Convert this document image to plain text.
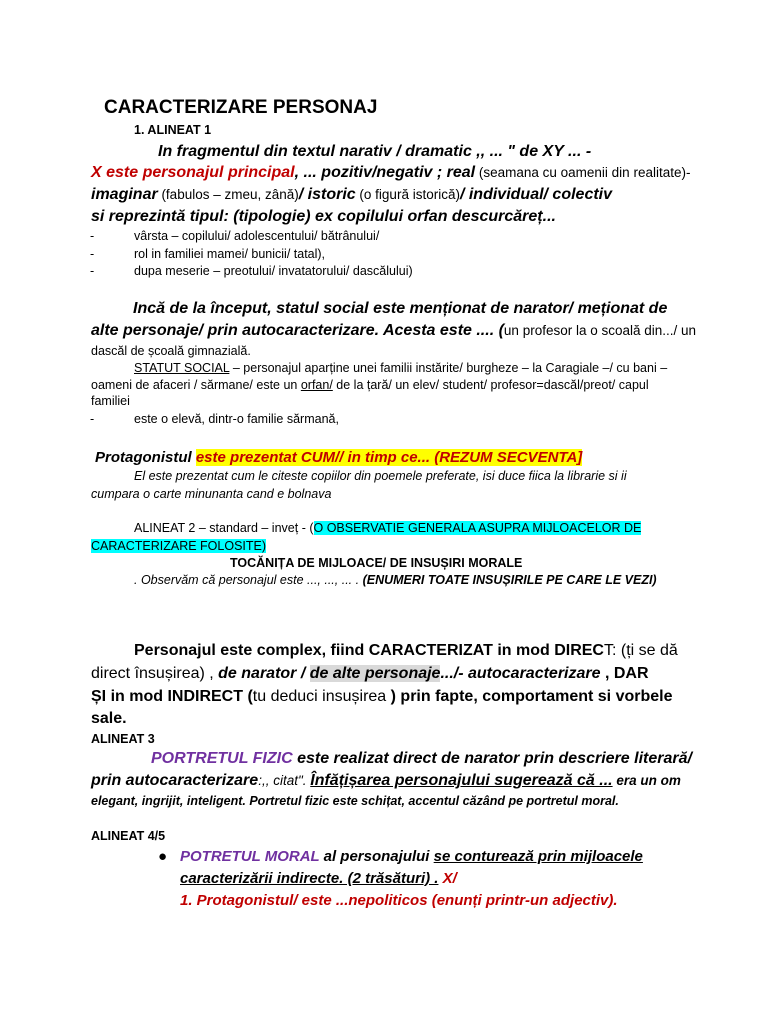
CARACTERIZARE PERSONAJ
1. ALINEAT 1
In fragmentul din textul narativ / dramatic ,, ... " de XY ... -
X este personajul principal, ... pozitiv/negativ ; real (seamana cu oamenii din realitate)-
imaginar (fabulos – zmeu, zână)/ istoric (o figură istorică)/ individual/ colectiv
si reprezintă tipul: (tipologie) ex copilului orfan descurcăreț...
-	vârsta – copilului/ adolescentului/ bătrânului/
-	rol in familiei mamei/ bunicii/ tatal),
-	dupa meserie – preotului/ invatatorului/ dascălului)
Incă de la început, statul social este menționat de narator/ meționat de
alte personaje/ prin autocaracterizare. Acesta este .... (un profesor la o scoală din.../ un
dascăl de școală gimnazială.
STATUT SOCIAL – personajul aparține unei familii instărite/ burgheze – la Caragiale –/ cu bani –
oameni de afaceri / sărmane/ este un orfan/ de la țară/ un elev/ student/ profesor=dascăl/preot/ capul
familiei
-	este o elevă, dintr-o familie sărmană,
Protagonistul este prezentat CUM// in timp ce... (REZUM SECVENTA]
El este prezentat cum le citeste copiilor din poemele preferate, isi duce fiica la librarie si ii
cumpara o carte minunanta cand e bolnava
ALINEAT 2 – standard – inveț - (O OBSERVATIE GENERALA ASUPRA MIJLOACELOR DE
CARACTERIZARE FOLOSITE)
TOCĂNIȚA DE MIJLOACE/ DE INSUȘIRI MORALE
. Observăm că personajul este ..., ..., ... . (ENUMERI TOATE INSUȘIRILE PE CARE LE VEZI)
Personajul este complex, fiind CARACTERIZAT in mod DIRECT: (ți se dă
direct însușirea) , de narator / de alte personaje.../- autocaracterizare , DAR
ȘI in mod INDIRECT (tu deduci insușirea ) prin fapte, comportament si vorbele
sale.
ALINEAT 3
PORTRETUL FIZIC este realizat direct de narator prin descriere literară/
prin autocaracterizare:,, citat". Înfățișarea personajului sugerează că ... era un om
elegant, ingrijit, inteligent. Portretul fizic este schițat, accentul căzând pe portretul moral.
ALINEAT 4/5
● POTRETUL MORAL al personajului se conturează prin mijloacele
caracterizării indirecte. (2 trăsături) . X/
1. Protagonistul/ este ...nepoliticos (enunți printr-un adjectiv).
